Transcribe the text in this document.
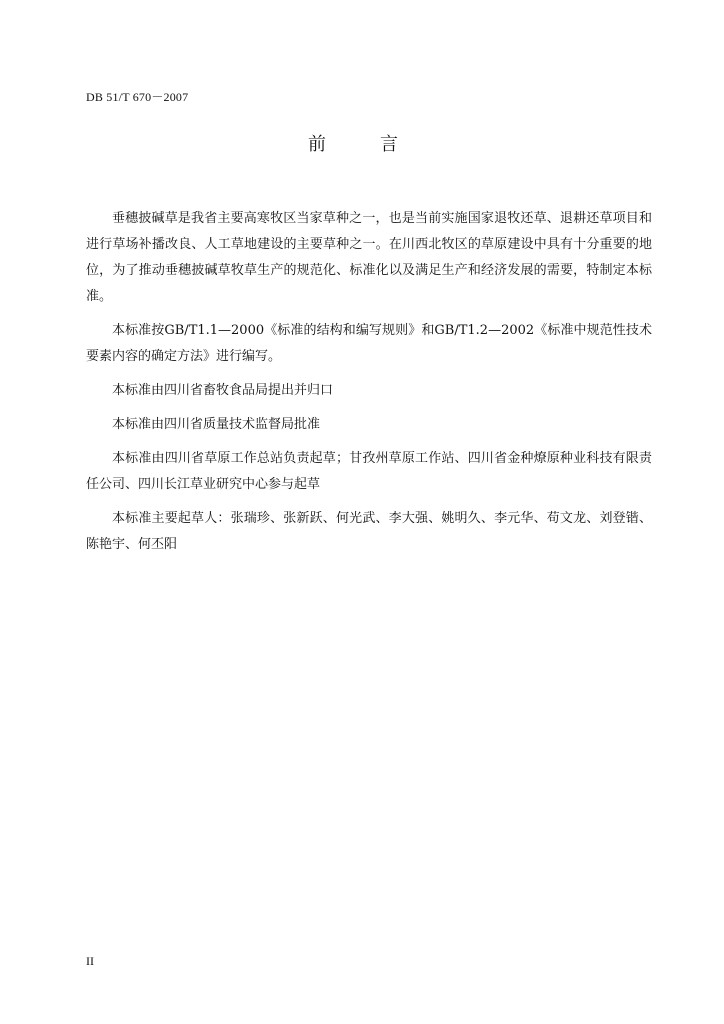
DB 51/T 670－2007
前　言

垂穗披碱草是我省主要高寒牧区当家草种之一，也是当前实施国家退牧还草、退耕还草项目和进行草场补播改良、人工草地建设的主要草种之一。在川西北牧区的草原建设中具有十分重要的地位，为了推动垂穗披碱草牧草生产的规范化、标准化以及满足生产和经济发展的需要，特制定本标准。

本标准按GB/T1.1—2000《标准的结构和编写规则》和GB/T1.2—2002《标准中规范性技术要素内容的确定方法》进行编写。

本标准由四川省畜牧食品局提出并归口

本标准由四川省质量技术监督局批准

本标准由四川省草原工作总站负责起草；甘孜州草原工作站、四川省金种燎原种业科技有限责任公司、四川长江草业研究中心参与起草

本标准主要起草人：张瑞珍、张新跃、何光武、李大强、姚明久、李元华、苟文龙、刘登锴、陈艳宇、何丕阳

II
